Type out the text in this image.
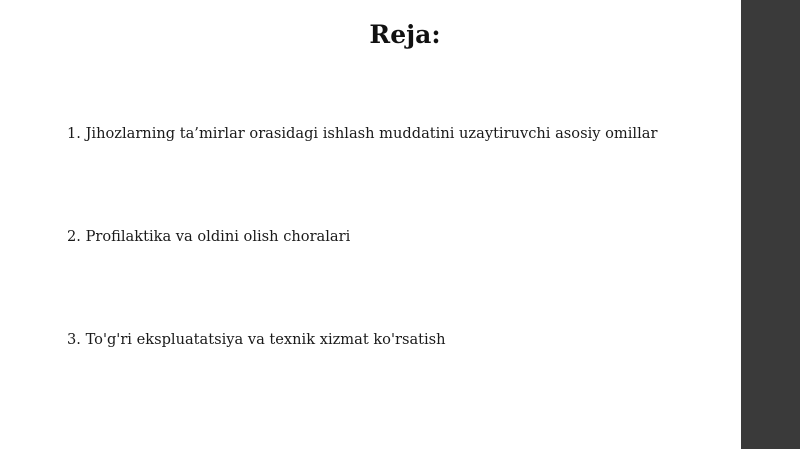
Reja:
1. Jihozlarning ta’mirlar orasidagi ishlash muddatini uzaytiruvchi asosiy omillar
2. Profilaktika va oldini olish choralari
3. To'g'ri ekspluatatsiya va texnik xizmat ko'rsatish
